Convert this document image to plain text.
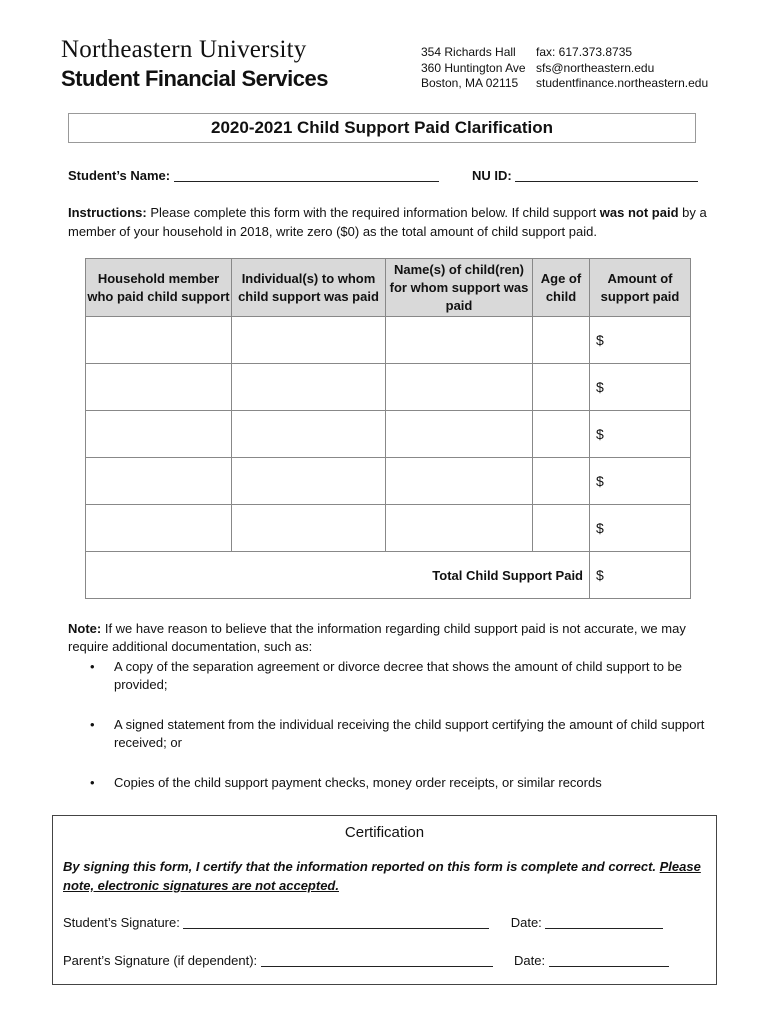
Northeastern University
Student Financial Services
354 Richards Hall
360 Huntington Ave
Boston, MA 02115
fax: 617.373.8735
sfs@northeastern.edu
studentfinance.northeastern.edu
2020-2021 Child Support Paid Clarification
Student’s Name:	NU ID:
Instructions: Please complete this form with the required information below. If child support was not paid by a member of your household in 2018, write zero ($0) as the total amount of child support paid.
Household member who paid child support	Individual(s) to whom child support was paid	Name(s) of child(ren) for whom support was paid	Age of child	Amount of support paid
				$
				$
				$
				$
				$
Total Child Support Paid				$
Note: If we have reason to believe that the information regarding child support paid is not accurate, we may require additional documentation, such as:
• A copy of the separation agreement or divorce decree that shows the amount of child support to be provided;
• A signed statement from the individual receiving the child support certifying the amount of child support received; or
• Copies of the child support payment checks, money order receipts, or similar records
Certification
By signing this form, I certify that the information reported on this form is complete and correct. Please note, electronic signatures are not accepted.
Student’s Signature:	Date:
Parent’s Signature (if dependent):	Date:
